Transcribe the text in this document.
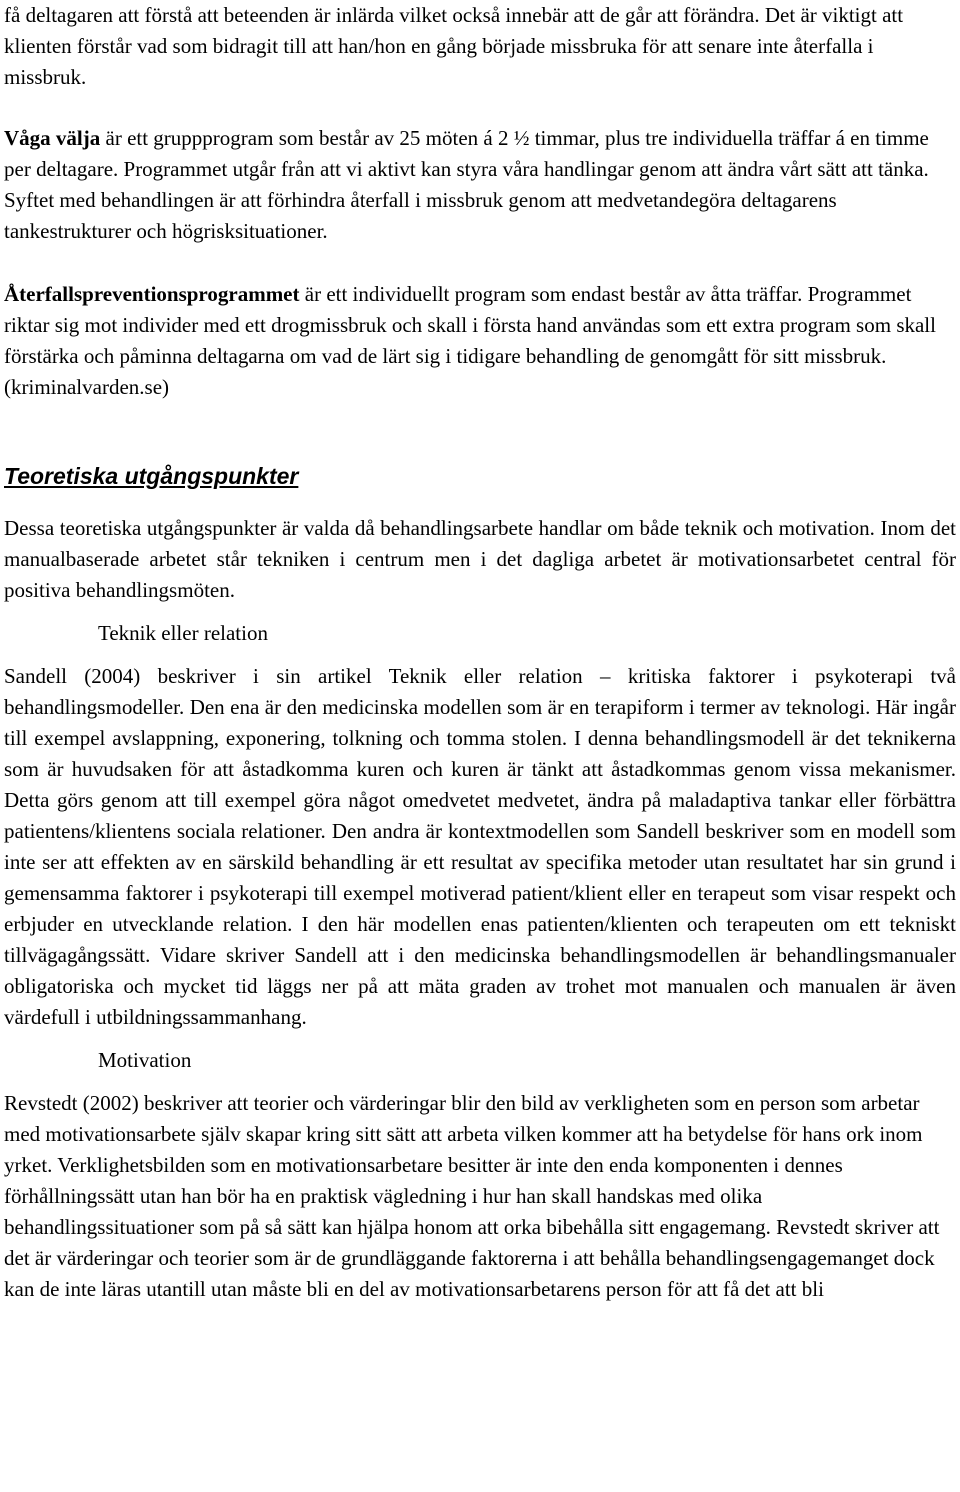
få deltagaren att förstå att beteenden är inlärda vilket också innebär att de går att förändra. Det är viktigt att klienten förstår vad som bidragit till att han/hon en gång började missbruka för att senare inte återfalla i missbruk.

Våga välja är ett gruppprogram som består av 25 möten á 2 ½ timmar, plus tre individuella träffar á en timme per deltagare. Programmet utgår från att vi aktivt kan styra våra handlingar genom att ändra vårt sätt att tänka. Syftet med behandlingen är att förhindra återfall i missbruk genom att medvetandegöra deltagarens tankestrukturer och högrisksituationer.

Återfallspreventionsprogrammet är ett individuellt program som endast består av åtta träffar. Programmet riktar sig mot individer med ett drogmissbruk och skall i första hand användas som ett extra program som skall förstärka och påminna deltagarna om vad de lärt sig i tidigare behandling de genomgått för sitt missbruk. (kriminalvarden.se)

Teoretiska utgångspunkter

Dessa teoretiska utgångspunkter är valda då behandlingsarbete handlar om både teknik och motivation. Inom det manualbaserade arbetet står tekniken i centrum men i det dagliga arbetet är motivationsarbetet central för positiva behandlingsmöten.

Teknik eller relation

Sandell (2004) beskriver i sin artikel Teknik eller relation – kritiska faktorer i psykoterapi två behandlingsmodeller. Den ena är den medicinska modellen som är en terapiform i termer av teknologi. Här ingår till exempel avslappning, exponering, tolkning och tomma stolen. I denna behandlingsmodell är det teknikerna som är huvudsaken för att åstadkomma kuren och kuren är tänkt att åstadkommas genom vissa mekanismer. Detta görs genom att till exempel göra något omedvetet medvetet, ändra på maladaptiva tankar eller förbättra patientens/klientens sociala relationer. Den andra är kontextmodellen som Sandell beskriver som en modell som inte ser att effekten av en särskild behandling är ett resultat av specifika metoder utan resultatet har sin grund i gemensamma faktorer i psykoterapi till exempel motiverad patient/klient eller en terapeut som visar respekt och erbjuder en utvecklande relation. I den här modellen enas patienten/klienten och terapeuten om ett tekniskt tillvägagångssätt. Vidare skriver Sandell att i den medicinska behandlingsmodellen är behandlingsmanualer obligatoriska och mycket tid läggs ner på att mäta graden av trohet mot manualen och manualen är även värdefull i utbildningssammanhang.

Motivation

Revstedt (2002) beskriver att teorier och värderingar blir den bild av verkligheten som en person som arbetar med motivationsarbete själv skapar kring sitt sätt att arbeta vilken kommer att ha betydelse för hans ork inom yrket. Verklighetsbilden som en motivationsarbetare besitter är inte den enda komponenten i dennes förhållningssätt utan han bör ha en praktisk vägledning i hur han skall handskas med olika behandlingssituationer som på så sätt kan hjälpa honom att orka bibehålla sitt engagemang. Revstedt skriver att det är värderingar och teorier som är de grundläggande faktorerna i att behålla behandlingsengagemanget dock kan de inte läras utantill utan måste bli en del av motivationsarbetarens person för att få det att bli
